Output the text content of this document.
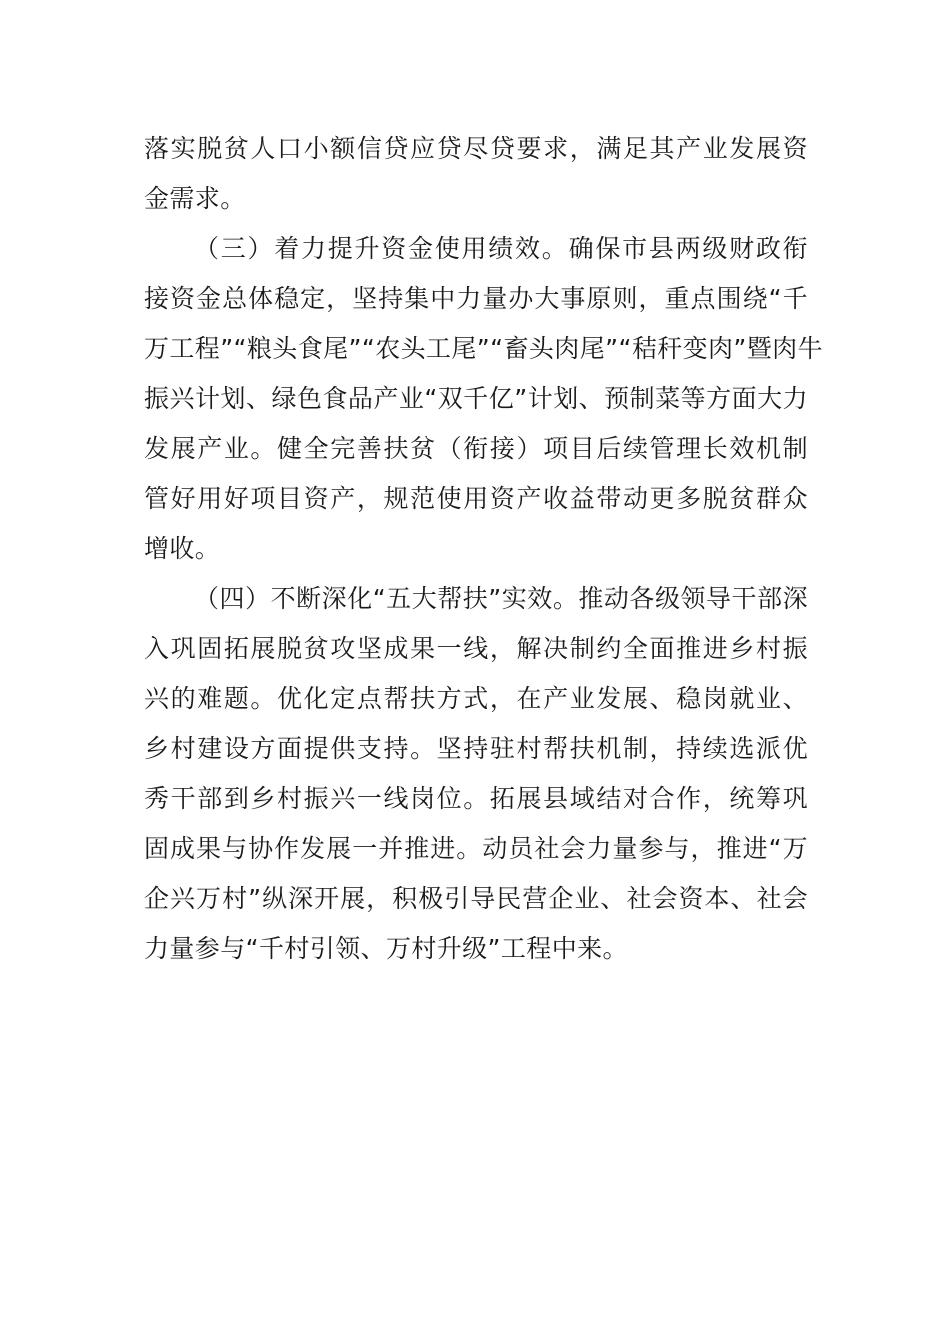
落实脱贫人口小额信贷应贷尽贷要求，满足其产业发展资
金需求。

（三）着力提升资金使用绩效。确保市县两级财政衔
接资金总体稳定，坚持集中力量办大事原则，重点围绕“千
万工程”“粮头食尾”“农头工尾”“畜头肉尾”“秸秆变肉”暨肉牛
振兴计划、绿色食品产业“双千亿”计划、预制菜等方面大力
发展产业。健全完善扶贫（衔接）项目后续管理长效机制
管好用好项目资产，规范使用资产收益带动更多脱贫群众
增收。

（四）不断深化“五大帮扶”实效。推动各级领导干部深
入巩固拓展脱贫攻坚成果一线，解决制约全面推进乡村振
兴的难题。优化定点帮扶方式，在产业发展、稳岗就业、
乡村建设方面提供支持。坚持驻村帮扶机制，持续选派优
秀干部到乡村振兴一线岗位。拓展县域结对合作，统筹巩
固成果与协作发展一并推进。动员社会力量参与，推进“万
企兴万村”纵深开展，积极引导民营企业、社会资本、社会
力量参与“千村引领、万村升级”工程中来。
